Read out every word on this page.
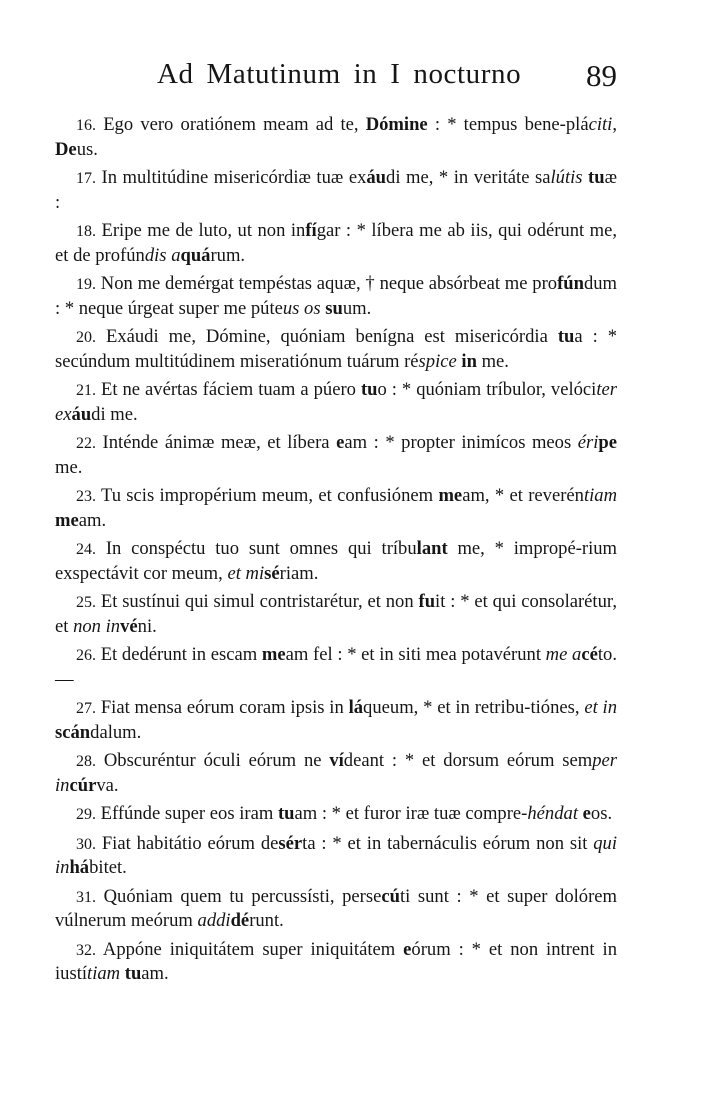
Ad Matutinum in I nocturno 89

16. Ego vero oratiónem meam ad te, Dómine : * tempus bene-pláciti, Deus.

17. In multitúdine misericórdiæ tuæ exáudi me, * in veritáte salútis tuæ :

18. Eripe me de luto, ut non infígar : * líbera me ab iis, qui odérunt me, et de profúndis aquárum.

19. Non me demérgat tempéstas aquæ, † neque absórbeat me profúndum : * neque úrgeat super me púteus os suum.

20. Exáudi me, Dómine, quóniam benígna est misericórdia tua : * secúndum multitúdinem miseratiónum tuárum réspice in me.

21. Et ne avértas fáciem tuam a púero tuo : * quóniam tríbulor, velóciter exáudi me.

22. Inténde ánimæ meæ, et líbera eam : * propter inimícos meos éripe me.

23. Tu scis impropérium meum, et confusiónem meam, * et reveréntiam meam.

24. In conspéctu tuo sunt omnes qui tríbulant me, * impropé-rium exspectávit cor meum, et misériam.

25. Et sustínui qui simul contristarétur, et non fuit : * et qui consolarétur, et non invéni.

26. Et dedérunt in escam meam fel : * et in siti mea potavérunt me acéto. —

27. Fiat mensa eórum coram ipsis in láqueum, * et in retribu-tiónes, et in scándalum.

28. Obscuréntur óculi eórum ne vídeant : * et dorsum eórum semper incúrva.

29. Effúnde super eos iram tuam : * et furor iræ tuæ compre-héndat eos.

30. Fiat habitátio eórum desérta : * et in tabernáculis eórum non sit qui inhábitet.

31. Quóniam quem tu percussísti, persecúti sunt : * et super dolórem vúlnerum meórum addidérunt.

32. Appóne iniquitátem super iniquitátem eórum : * et non intrent in iustítiam tuam.
